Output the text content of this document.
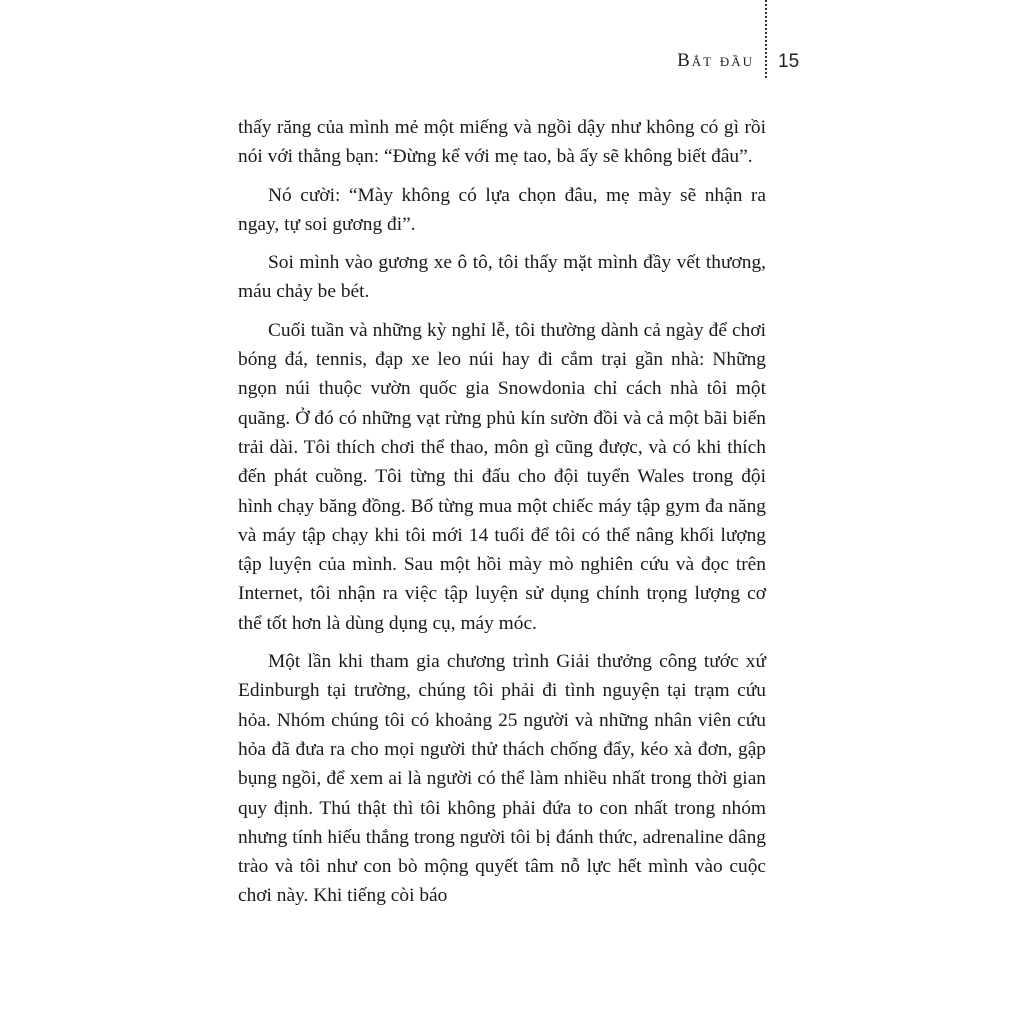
Bắt đầu 15

thấy răng của mình mẻ một miếng và ngồi dậy như không có gì rồi nói với thằng bạn: “Đừng kể với mẹ tao, bà ấy sẽ không biết đâu”.

Nó cười: “Mày không có lựa chọn đâu, mẹ mày sẽ nhận ra ngay, tự soi gương đi”.

Soi mình vào gương xe ô tô, tôi thấy mặt mình đầy vết thương, máu chảy be bét.

Cuối tuần và những kỳ nghỉ lễ, tôi thường dành cả ngày để chơi bóng đá, tennis, đạp xe leo núi hay đi cắm trại gần nhà: Những ngọn núi thuộc vườn quốc gia Snowdonia chỉ cách nhà tôi một quãng. Ở đó có những vạt rừng phủ kín sườn đồi và cả một bãi biển trải dài. Tôi thích chơi thể thao, môn gì cũng được, và có khi thích đến phát cuồng. Tôi từng thi đấu cho đội tuyển Wales trong đội hình chạy băng đồng. Bố từng mua một chiếc máy tập gym đa năng và máy tập chạy khi tôi mới 14 tuổi để tôi có thể nâng khối lượng tập luyện của mình. Sau một hồi mày mò nghiên cứu và đọc trên Internet, tôi nhận ra việc tập luyện sử dụng chính trọng lượng cơ thể tốt hơn là dùng dụng cụ, máy móc.

Một lần khi tham gia chương trình Giải thưởng công tước xứ Edinburgh tại trường, chúng tôi phải đi tình nguyện tại trạm cứu hỏa. Nhóm chúng tôi có khoảng 25 người và những nhân viên cứu hỏa đã đưa ra cho mọi người thử thách chống đẩy, kéo xà đơn, gập bụng ngồi, để xem ai là người có thể làm nhiều nhất trong thời gian quy định. Thú thật thì tôi không phải đứa to con nhất trong nhóm nhưng tính hiếu thắng trong người tôi bị đánh thức, adrenaline dâng trào và tôi như con bò mộng quyết tâm nỗ lực hết mình vào cuộc chơi này. Khi tiếng còi báo
